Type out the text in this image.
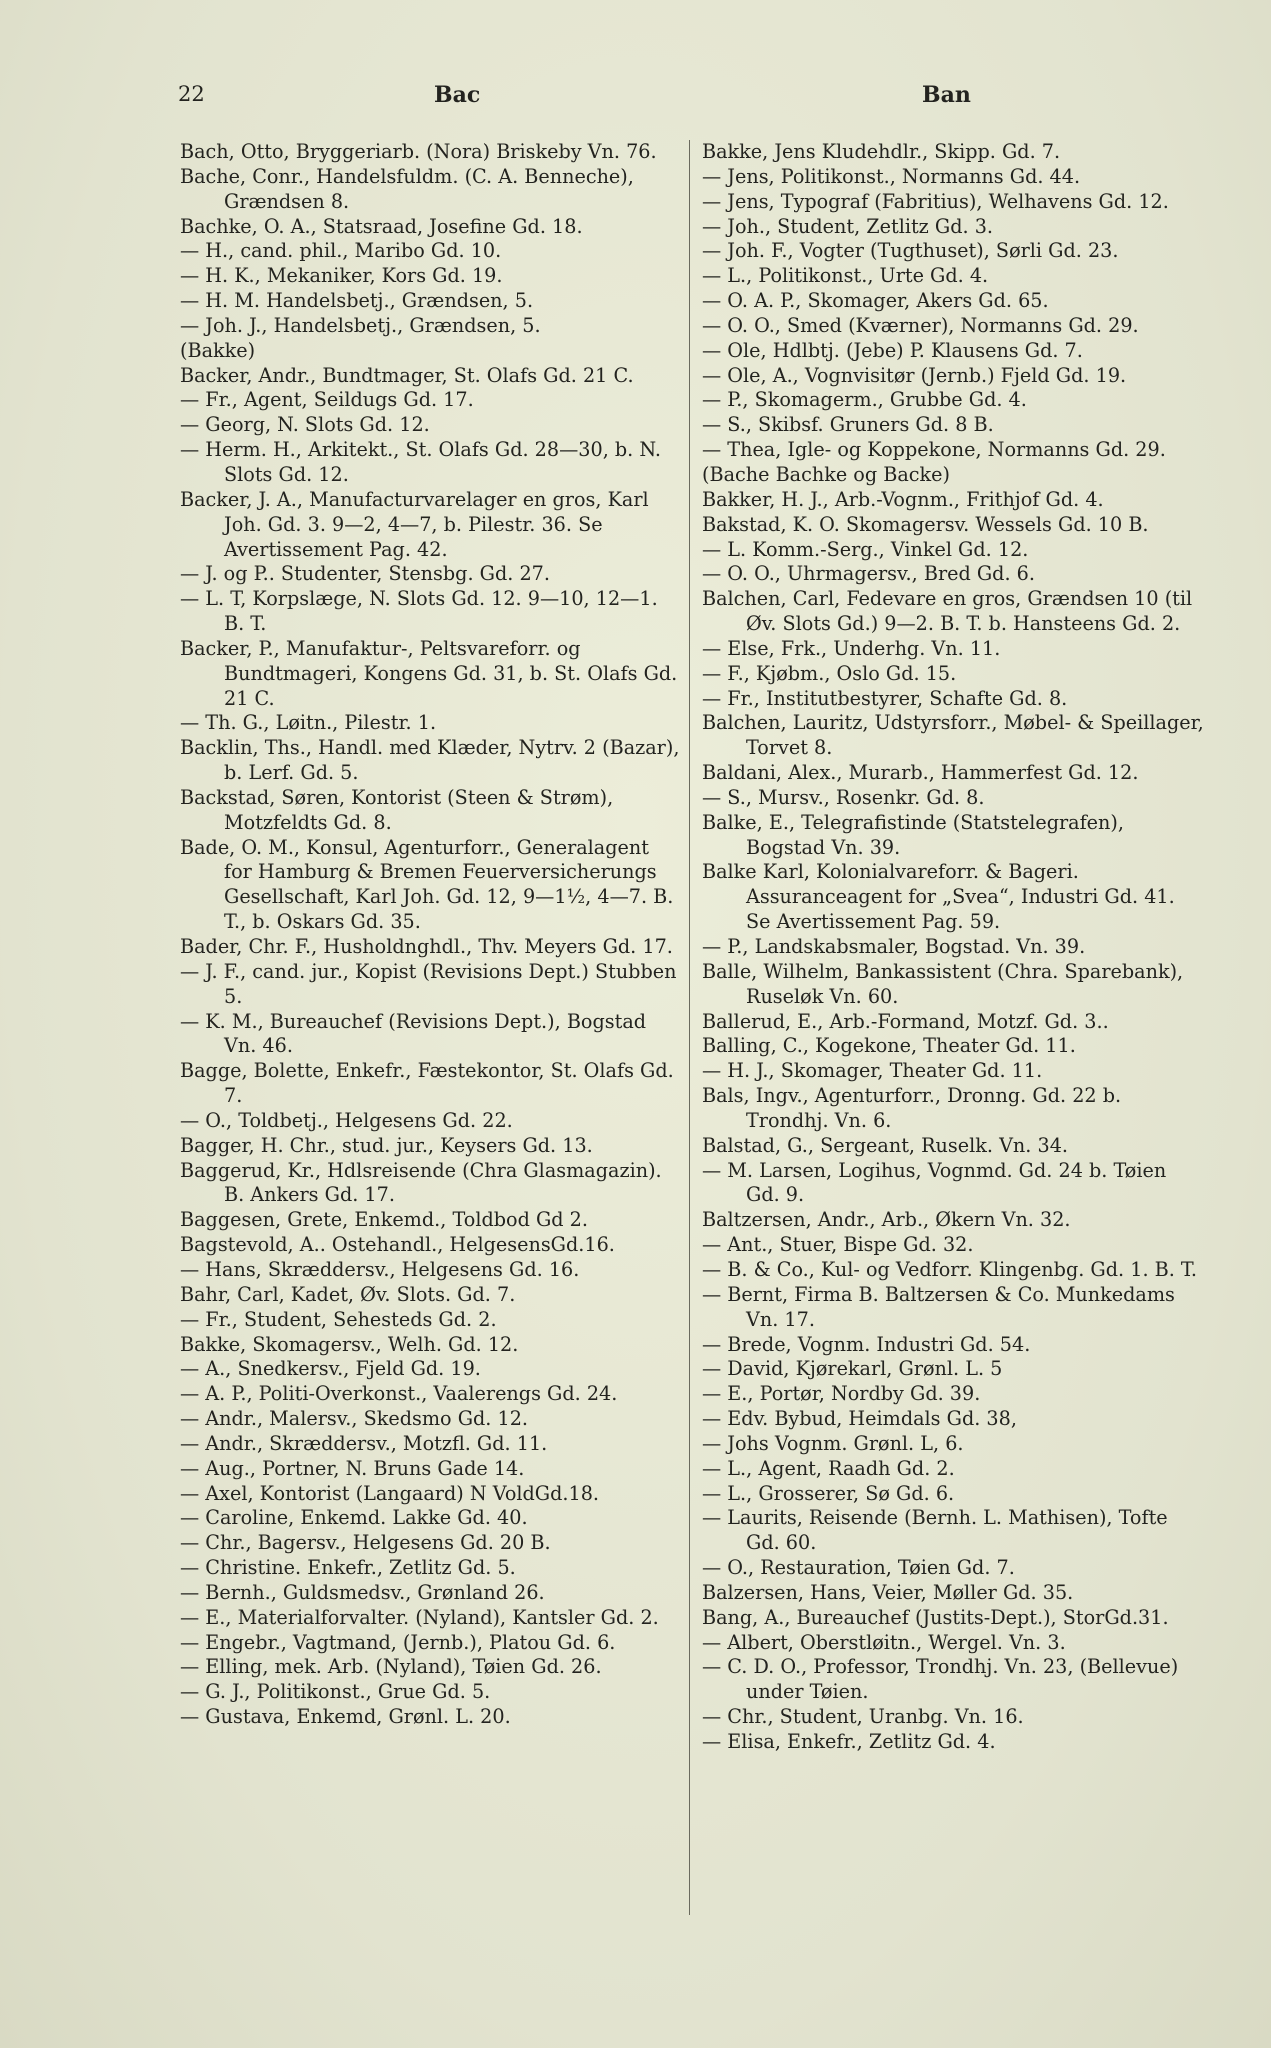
22	Bac	Ban

Bach, Otto, Bryggeriarb. (Nora) Briskeby Vn. 76.

Bache, Conr., Handelsfuldm. (C. A. Benneche), Grændsen 8.

Bachke, O. A., Statsraad, Josefine Gd. 18.

— H., cand. phil., Maribo Gd. 10.

— H. K., Mekaniker, Kors Gd. 19.

— H. M. Handelsbetj., Grændsen, 5.

— Joh. J., Handelsbetj., Grændsen, 5.

(Bakke)

Backer, Andr., Bundtmager, St. Olafs Gd. 21 C.

— Fr., Agent, Seildugs Gd. 17.

— Georg, N. Slots Gd. 12.

— Herm. H., Arkitekt., St. Olafs Gd. 28—30, b. N. Slots Gd. 12.

Backer, J. A., Manufacturvarelager en gros, Karl Joh. Gd. 3. 9—2, 4—7, b. Pilestr. 36. Se Avertissement Pag. 42.

— J. og P.. Studenter, Stensbg. Gd. 27.

— L. T, Korpslæge, N. Slots Gd. 12. 9—10, 12—1. B. T.

Backer, P., Manufaktur-, Peltsvareforr. og Bundtmageri, Kongens Gd. 31, b. St. Olafs Gd. 21 C.

— Th. G., Løitn., Pilestr. 1.

Backlin, Ths., Handl. med Klæder, Nytrv. 2 (Bazar), b. Lerf. Gd. 5.

Backstad, Søren, Kontorist (Steen & Strøm), Motzfeldts Gd. 8.

Bade, O. M., Konsul, Agenturforr., Generalagent for Hamburg & Bremen Feuerversicherungs Gesellschaft, Karl Joh. Gd. 12, 9—1½, 4—7. B. T., b. Oskars Gd. 35.

Bader, Chr. F., Husholdnghdl., Thv. Meyers Gd. 17.

— J. F., cand. jur., Kopist (Revisions Dept.) Stubben 5.

— K. M., Bureauchef (Revisions Dept.), Bogstad Vn. 46.

Bagge, Bolette, Enkefr., Fæstekontor, St. Olafs Gd. 7.

— O., Toldbetj., Helgesens Gd. 22.

Bagger, H. Chr., stud. jur., Keysers Gd. 13.

Baggerud, Kr., Hdlsreisende (Chra Glasmagazin). B. Ankers Gd. 17.

Baggesen, Grete, Enkemd., Toldbod Gd 2.

Bagstevold, A.. Ostehandl., HelgesensGd.16.

— Hans, Skræddersv., Helgesens Gd. 16.

Bahr, Carl, Kadet, Øv. Slots. Gd. 7.

— Fr., Student, Sehesteds Gd. 2.

Bakke, Skomagersv., Welh. Gd. 12.

— A., Snedkersv., Fjeld Gd. 19.

— A. P., Politi-Overkonst., Vaalerengs Gd. 24.

— Andr., Malersv., Skedsmo Gd. 12.

— Andr., Skræddersv., Motzfl. Gd. 11.

— Aug., Portner, N. Bruns Gade 14.

— Axel, Kontorist (Langaard) N VoldGd.18.

— Caroline, Enkemd. Lakke Gd. 40.

— Chr., Bagersv., Helgesens Gd. 20 B.

— Christine. Enkefr., Zetlitz Gd. 5.

— Bernh., Guldsmedsv., Grønland 26.

— E., Materialforvalter. (Nyland), Kantsler Gd. 2.

— Engebr., Vagtmand, (Jernb.), Platou Gd. 6.

— Elling, mek. Arb. (Nyland), Tøien Gd. 26.

— G. J., Politikonst., Grue Gd. 5.

— Gustava, Enkemd, Grønl. L. 20.

Bakke, Jens Kludehdlr., Skipp. Gd. 7.

— Jens, Politikonst., Normanns Gd. 44.

— Jens, Typograf (Fabritius), Welhavens Gd. 12.

— Joh., Student, Zetlitz Gd. 3.

— Joh. F., Vogter (Tugthuset), Sørli Gd. 23.

— L., Politikonst., Urte Gd. 4.

— O. A. P., Skomager, Akers Gd. 65.

— O. O., Smed (Kværner), Normanns Gd. 29.

— Ole, Hdlbtj. (Jebe) P. Klausens Gd. 7.

— Ole, A., Vognvisitør (Jernb.) Fjeld Gd. 19.

— P., Skomagerm., Grubbe Gd. 4.

— S., Skibsf. Gruners Gd. 8 B.

— Thea, Igle- og Koppekone, Normanns Gd. 29.

(Bache Bachke og Backe)

Bakker, H. J., Arb.-Vognm., Frithjof Gd. 4.

Bakstad, K. O. Skomagersv. Wessels Gd. 10 B.

— L. Komm.-Serg., Vinkel Gd. 12.

— O. O., Uhrmagersv., Bred Gd. 6.

Balchen, Carl, Fedevare en gros, Grændsen 10 (til Øv. Slots Gd.) 9—2. B. T. b. Hansteens Gd. 2.

— Else, Frk., Underhg. Vn. 11.

— F., Kjøbm., Oslo Gd. 15.

— Fr., Institutbestyrer, Schafte Gd. 8.

Balchen, Lauritz, Udstyrsforr., Møbel- & Speillager, Torvet 8.

Baldani, Alex., Murarb., Hammerfest Gd. 12.

— S., Mursv., Rosenkr. Gd. 8.

Balke, E., Telegrafistinde (Statstelegrafen), Bogstad Vn. 39.

Balke Karl, Kolonialvareforr. & Bageri. Assuranceagent for „Svea“, Industri Gd. 41. Se Avertissement Pag. 59.

— P., Landskabsmaler, Bogstad. Vn. 39.

Balle, Wilhelm, Bankassistent (Chra. Sparebank), Ruseløk Vn. 60.

Ballerud, E., Arb.-Formand, Motzf. Gd. 3..

Balling, C., Kogekone, Theater Gd. 11.

— H. J., Skomager, Theater Gd. 11.

Bals, Ingv., Agenturforr., Dronng. Gd. 22 b. Trondhj. Vn. 6.

Balstad, G., Sergeant, Ruselk. Vn. 34.

— M. Larsen, Logihus, Vognmd. Gd. 24 b. Tøien Gd. 9.

Baltzersen, Andr., Arb., Økern Vn. 32.

— Ant., Stuer, Bispe Gd. 32.

— B. & Co., Kul- og Vedforr. Klingenbg. Gd. 1. B. T.

— Bernt, Firma B. Baltzersen & Co. Munkedams Vn. 17.

— Brede, Vognm. Industri Gd. 54.

— David, Kjørekarl, Grønl. L. 5

— E., Portør, Nordby Gd. 39.

— Edv. Bybud, Heimdals Gd. 38,

— Johs Vognm. Grønl. L, 6.

— L., Agent, Raadh Gd. 2.

— L., Grosserer, Sø Gd. 6.

— Laurits, Reisende (Bernh. L. Mathisen), Tofte Gd. 60.

— O., Restauration, Tøien Gd. 7.

Balzersen, Hans, Veier, Møller Gd. 35.

Bang, A., Bureauchef (Justits-Dept.), StorGd.31.

— Albert, Oberstløitn., Wergel. Vn. 3.

— C. D. O., Professor, Trondhj. Vn. 23, (Bellevue) under Tøien.

— Chr., Student, Uranbg. Vn. 16.

— Elisa, Enkefr., Zetlitz Gd. 4.
